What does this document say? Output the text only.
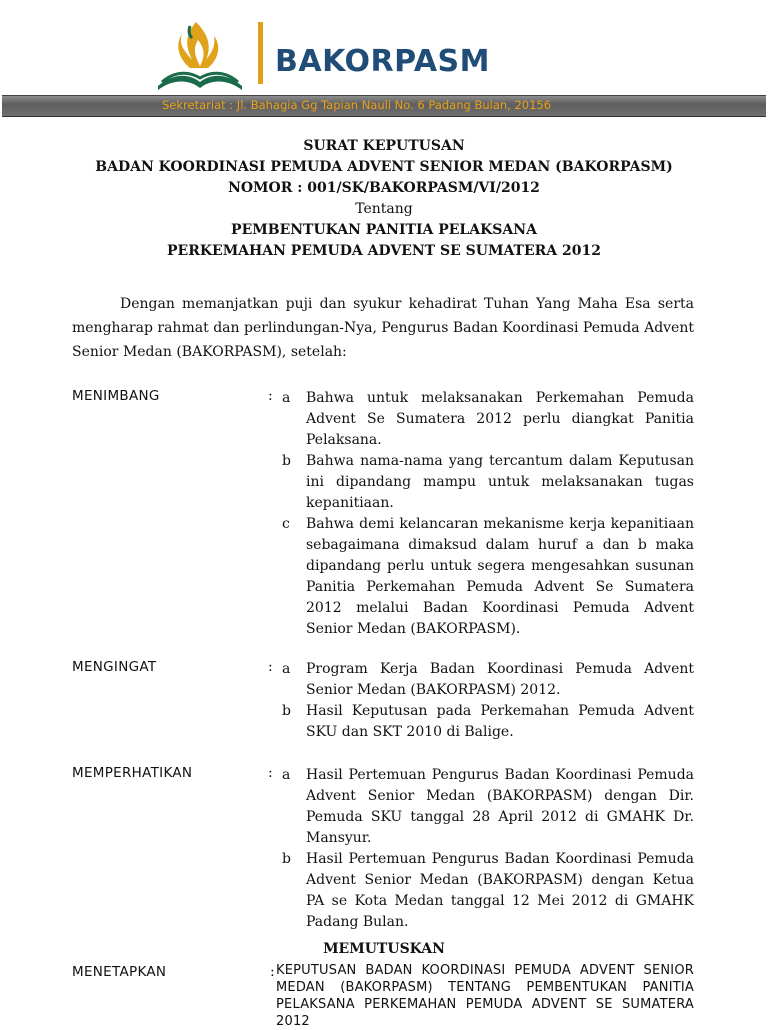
BAKORPASM
Sekretariat : Jl. Bahagia Gg Tapian Nauli No. 6 Padang Bulan, 20156
SURAT KEPUTUSAN
BADAN KOORDINASI PEMUDA ADVENT SENIOR MEDAN (BAKORPASM)
NOMOR : 001/SK/BAKORPASM/VI/2012
Tentang
PEMBENTUKAN PANITIA PELAKSANA
PERKEMAHAN PEMUDA ADVENT SE SUMATERA 2012
Dengan memanjatkan puji dan syukur kehadirat Tuhan Yang Maha Esa serta mengharap rahmat dan perlindungan-Nya, Pengurus Badan Koordinasi Pemuda Advent Senior Medan (BAKORPASM), setelah:
MENIMBANG	: a Bahwa untuk melaksanakan Perkemahan Pemuda Advent Se Sumatera 2012 perlu diangkat Panitia Pelaksana.
b Bahwa nama-nama yang tercantum dalam Keputusan ini dipandang mampu untuk melaksanakan tugas kepanitiaan.
c Bahwa demi kelancaran mekanisme kerja kepanitiaan sebagaimana dimaksud dalam huruf a dan b maka dipandang perlu untuk segera mengesahkan susunan Panitia Perkemahan Pemuda Advent Se Sumatera 2012 melalui Badan Koordinasi Pemuda Advent Senior Medan (BAKORPASM).
MENGINGAT	: a Program Kerja Badan Koordinasi Pemuda Advent Senior Medan (BAKORPASM) 2012.
b Hasil Keputusan pada Perkemahan Pemuda Advent SKU dan SKT 2010 di Balige.
MEMPERHATIKAN	: a Hasil Pertemuan Pengurus Badan Koordinasi Pemuda Advent Senior Medan (BAKORPASM) dengan Dir. Pemuda SKU tanggal 28 April 2012 di GMAHK Dr. Mansyur.
b Hasil Pertemuan Pengurus Badan Koordinasi Pemuda Advent Senior Medan (BAKORPASM) dengan Ketua PA se Kota Medan tanggal 12 Mei 2012 di GMAHK Padang Bulan.
MEMUTUSKAN
MENETAPKAN	: KEPUTUSAN BADAN KOORDINASI PEMUDA ADVENT SENIOR MEDAN (BAKORPASM) TENTANG PEMBENTUKAN PANITIA PELAKSANA PERKEMAHAN PEMUDA ADVENT SE SUMATERA 2012
